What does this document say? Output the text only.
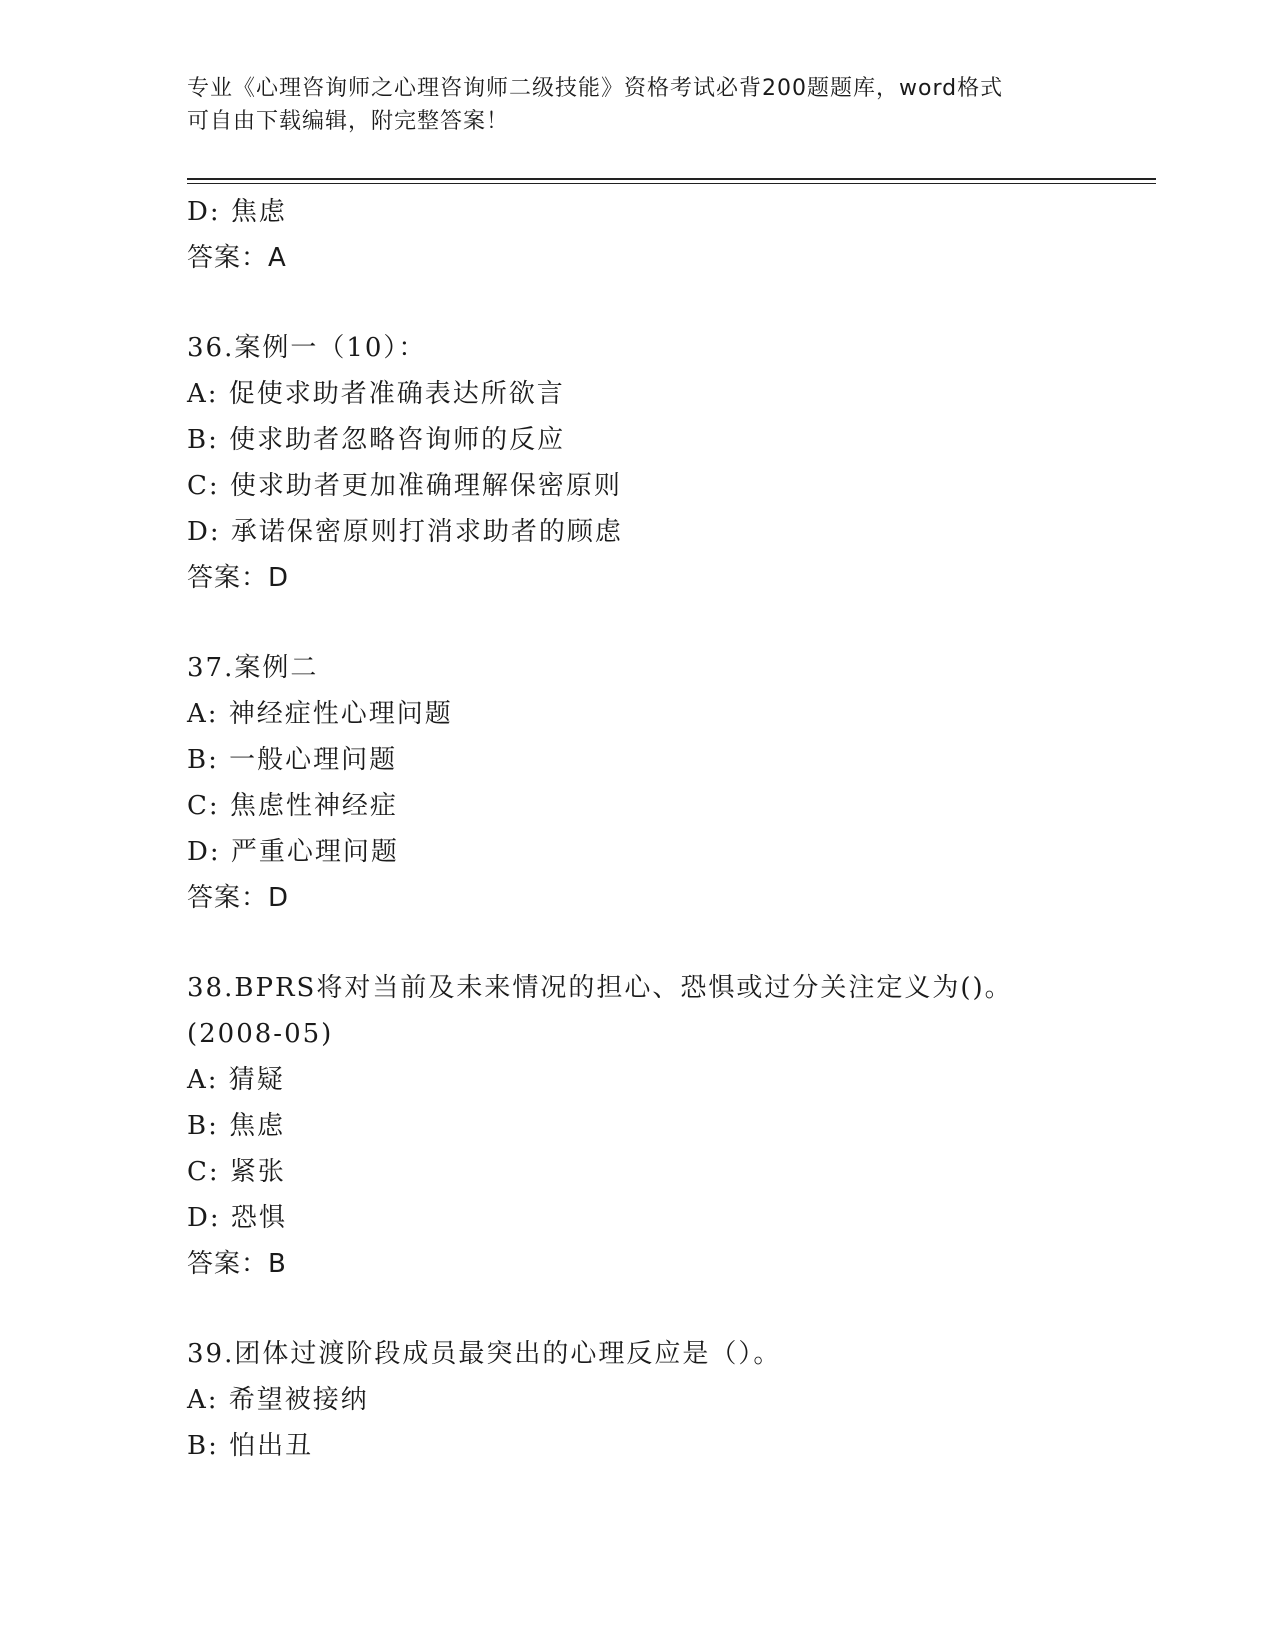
专业《心理咨询师之心理咨询师二级技能》资格考试必背200题题库，word格式
可自由下载编辑，附完整答案！
D: 焦虑
答案：A
36.案例一（10）：
A: 促使求助者准确表达所欲言
B: 使求助者忽略咨询师的反应
C: 使求助者更加准确理解保密原则
D: 承诺保密原则打消求助者的顾虑
答案：D
37.案例二
A: 神经症性心理问题
B: 一般心理问题
C: 焦虑性神经症
D: 严重心理问题
答案：D
38.BPRS将对当前及未来情况的担心、恐惧或过分关注定义为()。
(2008-05)
A: 猜疑
B: 焦虑
C: 紧张
D: 恐惧
答案：B
39.团体过渡阶段成员最突出的心理反应是（）。
A: 希望被接纳
B: 怕出丑
